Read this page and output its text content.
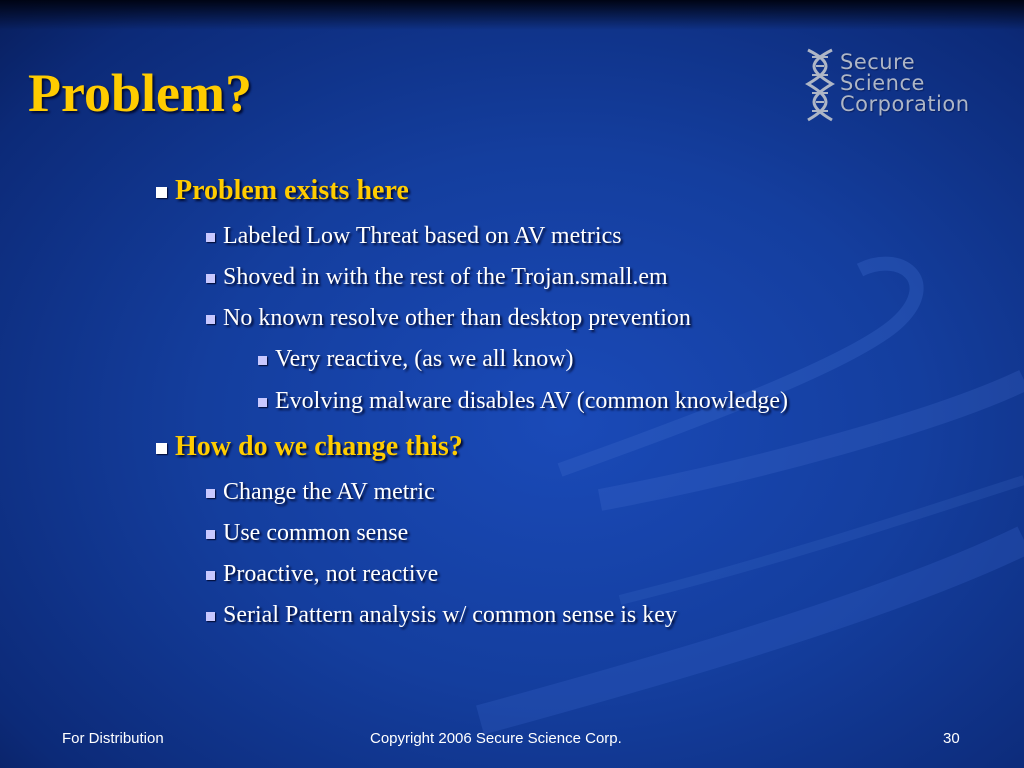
Problem?
Secure
Science
Corporation
Problem exists here
Labeled Low Threat based on AV metrics
Shoved in with the rest of the Trojan.small.em
No known resolve other than desktop prevention
Very reactive, (as we all know)
Evolving malware disables AV (common knowledge)
How do we change this?
Change the AV metric
Use common sense
Proactive, not reactive
Serial Pattern analysis w/ common sense is key
For Distribution	Copyright 2006 Secure Science Corp.	30
